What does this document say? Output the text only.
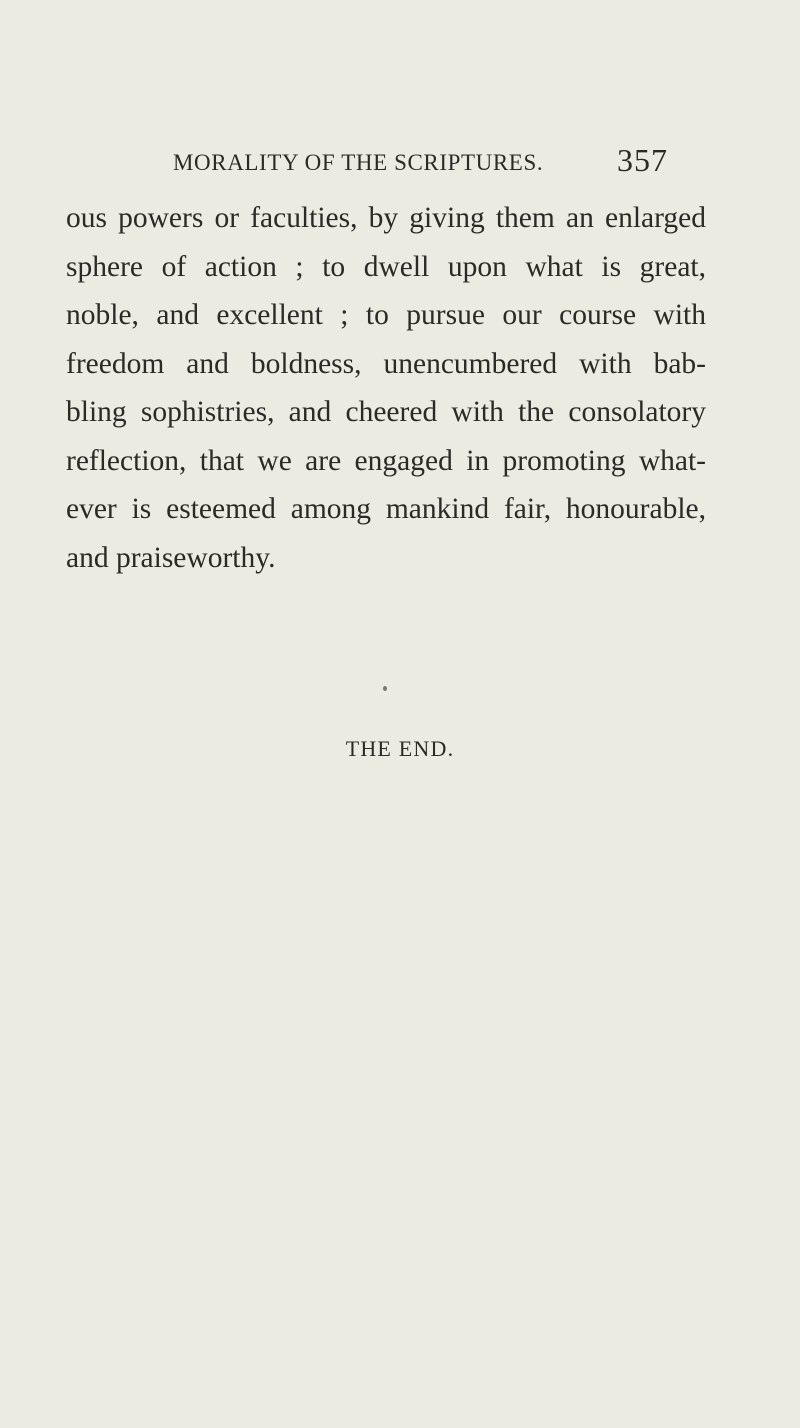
MORALITY OF THE SCRIPTURES. 357
ous powers or faculties, by giving them an enlarged
sphere of action ; to dwell upon what is great,
noble, and excellent ; to pursue our course with
freedom and boldness, unencumbered with bab-
bling sophistries, and cheered with the consolatory
reflection, that we are engaged in promoting what-
ever is esteemed among mankind fair, honourable,
and praiseworthy.
THE END.
